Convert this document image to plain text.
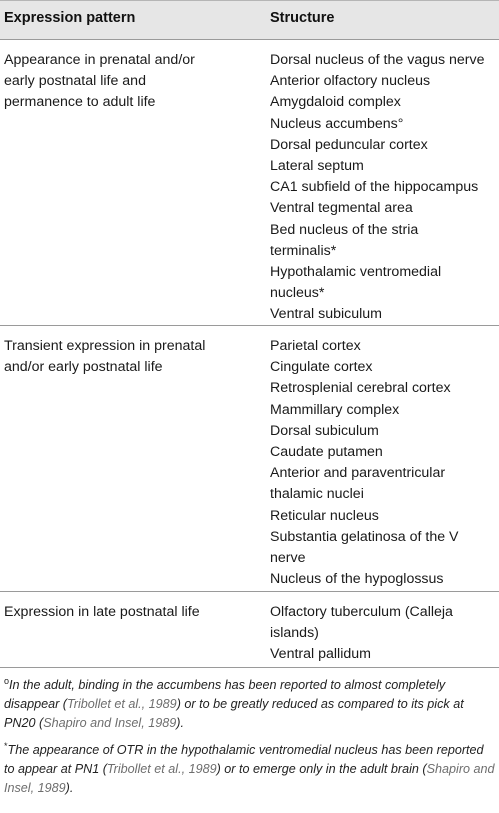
Expression pattern	Structure
Appearance in prenatal and/or
early postnatal life and
permanence to adult life
Dorsal nucleus of the vagus nerve
Anterior olfactory nucleus
Amygdaloid complex
Nucleus accumbens°
Dorsal peduncular cortex
Lateral septum
CA1 subfield of the hippocampus
Ventral tegmental area
Bed nucleus of the stria
terminalis*
Hypothalamic ventromedial
nucleus*
Ventral subiculum
Transient expression in prenatal
and/or early postnatal life
Parietal cortex
Cingulate cortex
Retrosplenial cerebral cortex
Mammillary complex
Dorsal subiculum
Caudate putamen
Anterior and paraventricular
thalamic nuclei
Reticular nucleus
Substantia gelatinosa of the V
nerve
Nucleus of the hypoglossus
Expression in late postnatal life	Olfactory tuberculum (Calleja
islands)
Ventral pallidum

$^o$In the adult, binding in the accumbens has been reported to almost completely disappear (Tribollet et al., 1989) or to be greatly reduced as compared to its pick at PN20 (Shapiro and Insel, 1989).

*The appearance of OTR in the hypothalamic ventromedial nucleus has been reported to appear at PN1 (Tribollet et al., 1989) or to emerge only in the adult brain (Shapiro and Insel, 1989).
